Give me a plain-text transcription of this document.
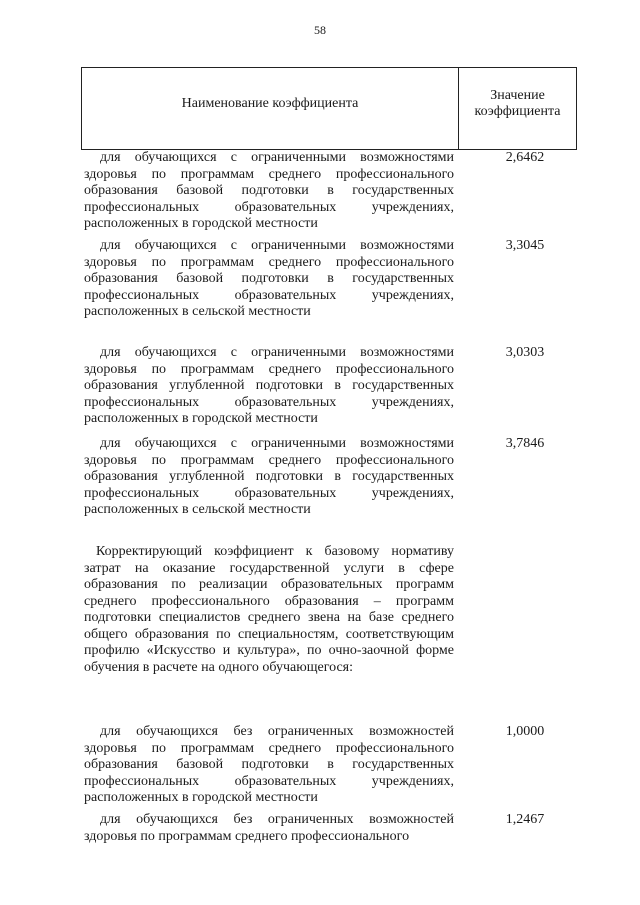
58
Наименование коэффициента
Значение
коэффициента

для обучающихся с ограниченными возможностями здоровья по программам среднего профессионального образования базовой подготовки в государственных профессиональных образовательных учреждениях, расположенных в городской местности

2,6462

для обучающихся с ограниченными возможностями здоровья по программам среднего профессионального образования базовой подготовки в государственных профессиональных образовательных учреждениях, расположенных в сельской местности

3,3045

для обучающихся с ограниченными возможностями здоровья по программам среднего профессионального образования углубленной подготовки в государственных профессиональных образовательных учреждениях, расположенных в городской местности

3,0303

для обучающихся с ограниченными возможностями здоровья по программам среднего профессионального образования углубленной подготовки в государственных профессиональных образовательных учреждениях, расположенных в сельской местности

3,7846

Корректирующий коэффициент к базовому нормативу затрат на оказание государственной услуги в сфере образования по реализации образовательных программ среднего профессионального образования – программ подготовки специалистов среднего звена на базе среднего общего образования по специальностям, соответствующим профилю «Искусство и культура», по очно-заочной форме обучения в расчете на одного обучающегося:

для обучающихся без ограниченных возможностей здоровья по программам среднего профессионального образования базовой подготовки в государственных профессиональных образовательных учреждениях, расположенных в городской местности

1,0000

для обучающихся без ограниченных возможностей здоровья по программам среднего профессионального

1,2467
